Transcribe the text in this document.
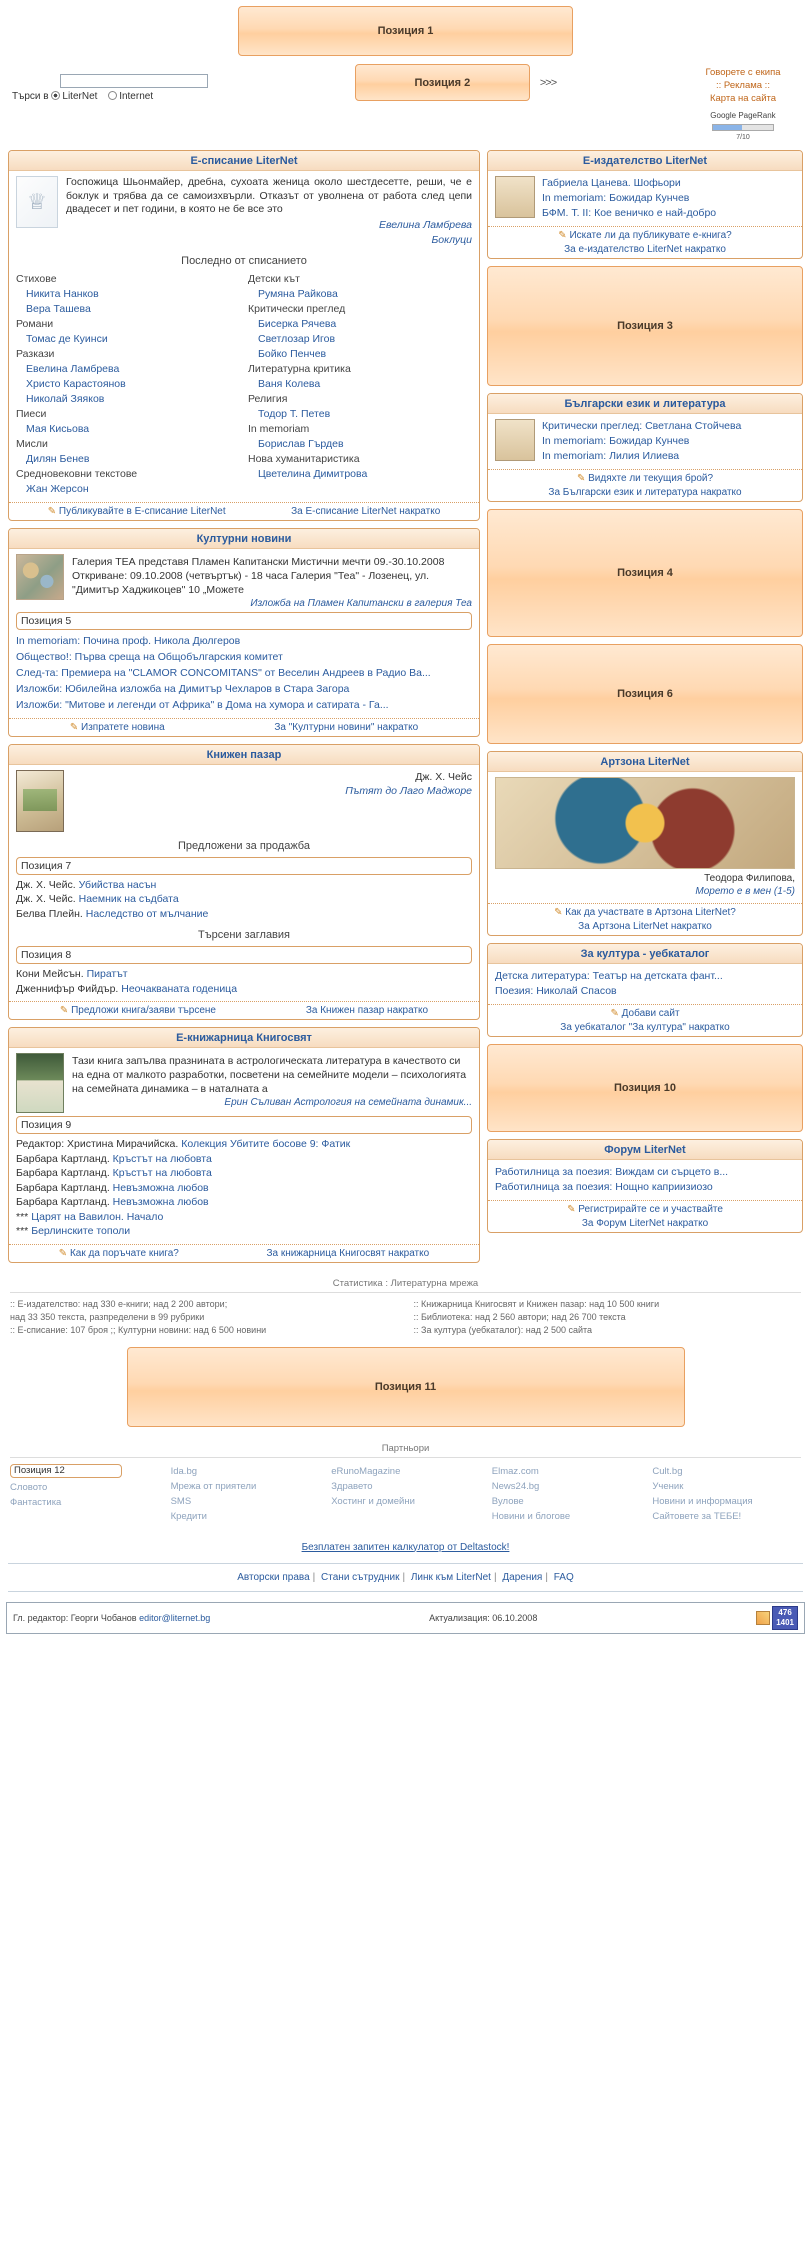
Позиция 1
Търси в LiterNet Internet
Позиция 2	>>>
Говорете с екипа
:: Реклама ::
Карта на сайта
Google PageRank
7/10
Е-списание LiterNet
♕
Госпожица Шьонмайер, дребна, сухоата женица около шестдесетте, реши, че е боклук и трябва да се самоизхвърли. Отказът от уволнена от работа след цепи двадесет и пет години, в която не бе все это
Евелина Ламбрева
Боклуци
Последно от списанието
Стихове
Никита Нанков
Вера Ташева
Романи
Томас де Куинси
Разкази
Евелина Ламбрева
Христо Карастоянов
Николай Зяяков
Пиеси
Мая Кисьова
Мисли
Дилян Бенев
Средновековни текстове
Жан Жерсон
Детски кът
Румяна Райкова
Критически преглед
Бисерка Рячева
Светлозар Игов
Бойко Пенчев
Литературна критика
Ваня Колева
Религия
Тодор Т. Петев
In memoriam
Борислав Гърдев
Нова хуманитаристика
Цветелина Димитрова
✎ Публикувайте в Е-списание LiterNet	За Е-списание LiterNet накратко
Културни новини
Галерия ТЕА представя Пламен Капитански Мистични мечти 09.-30.10.2008 Откриване: 09.10.2008 (четвъртък) - 18 часа Галерия "Теа" - Лозенец, ул. "Димитър Хаджикоцев" 10 „Можете
Изложба на Пламен Капитански в галерия Теа
Позиция 5
In memoriam: Почина проф. Никола Дюлгеров
Общество!: Първа среща на Общобългарския комитет
След-та: Премиера на "CLAMOR CONCOMITANS" от Веселин Андреев в Радио Ва...
Изложби: Юбилейна изложба на Димитър Чехларов в Стара Загора
Изложби: "Митове и легенди от Африка" в Дома на хумора и сатирата - Га...
✎ Изпратете новина	За "Културни новини" накратко
Книжен пазар
Дж. Х. Чейс
Пътят до Лаго Маджоре
Предложени за продажба
Позиция 7
Дж. Х. Чейс. Убийства насън
Дж. Х. Чейс. Наемник на съдбата
Белва Плейн. Наследство от мълчание
Търсени заглавия
Позиция 8
Кони Мейсън. Пиратът
Дженнифър Фийдър. Неочакваната годеница
✎ Предложи книга/заяви търсене	За Книжен пазар накратко
Е-книжарница Книгосвят
Тази книга запълва празнината в астрологическата литература в качеството си на една от малкото разработки, посветени на семейните модели – психологията на семейната динамика – в наталната а
Ерин Съливан Астрология на семейната динамик...
Позиция 9
Редактор: Христина Мирачийска. Колекция Убитите босове 9: Фатик
Барбара Картланд. Кръстът на любовта
Барбара Картланд. Кръстът на любовта
Барбара Картланд. Невъзможна любов
Барбара Картланд. Невъзможна любов
*** Царят на Вавилон. Начало
*** Берлинските тополи
✎ Как да поръчате книга?	За книжарница Книгосвят накратко
Е-издателство LiterNet
Габриела Цанева. Шофьори
In memoriam: Божидар Кунчев
БФМ. Т. II: Кое веничко е най-добро
✎ Искате ли да публикувате е-книга?
За е-издателство LiterNet накратко
Позиция 3
Български език и литература
Критически преглед: Светлана Стойчева
In memoriam: Божидар Кунчев
In memoriam: Лилия Илиева
✎ Видяхте ли текущия брой?
За Български език и литература накратко
Позиция 4
Позиция 6
Артзона LiterNet
Теодора Филипова,
Морето е в мен (1-5)
✎ Как да участвате в Артзона LiterNet?
За Артзона LiterNet накратко
За култура - уебкаталог
Детска литература: Театър на детската фант...
Поезия: Николай Спасов
✎ Добави сайт
За уебкаталог "За култура" накратко
Позиция 10
Форум LiterNet
Работилница за поезия: Виждам си сърцето в...
Работилница за поезия: Нощно каприизиозо
✎ Регистрирайте се и участвайте
За Форум LiterNet накратко
Статистика : Литературна мрежа
:: Е-издателство: над 330 е-книги; над 2 200 автори;
над 33 350 текста, разпределени в 99 рубрики
:: Е-списание: 107 броя ;; Културни новини: над 6 500 новини
:: Книжарница Книгосвят и Книжен пазар: над 10 500 книги
:: Библиотека: над 2 560 автори; над 26 700 текста
:: За култура (уебкаталог): над 2 500 сайта
Позиция 11
Партньори
Позиция 12
Словото
Фантастика
Ida.bg
Мрежа от приятели
SMS
Кредити
eRunoMagazine
Здравето
Хостинг и домейни
Elmaz.com
News24.bg
Вулове
Новини и блогове
Cult.bg
Ученик
Новини и информация
Сайтовете за ТЕБЕ!
Безплатен запитен калкулатор от Deltastock!
Авторски права | Стани сътрудник | Линк към LiterNet | Дарения | FAQ
Гл. редактор: Георги Чобанов editor@liternet.bg	Актуализация: 06.10.2008
476
1401
